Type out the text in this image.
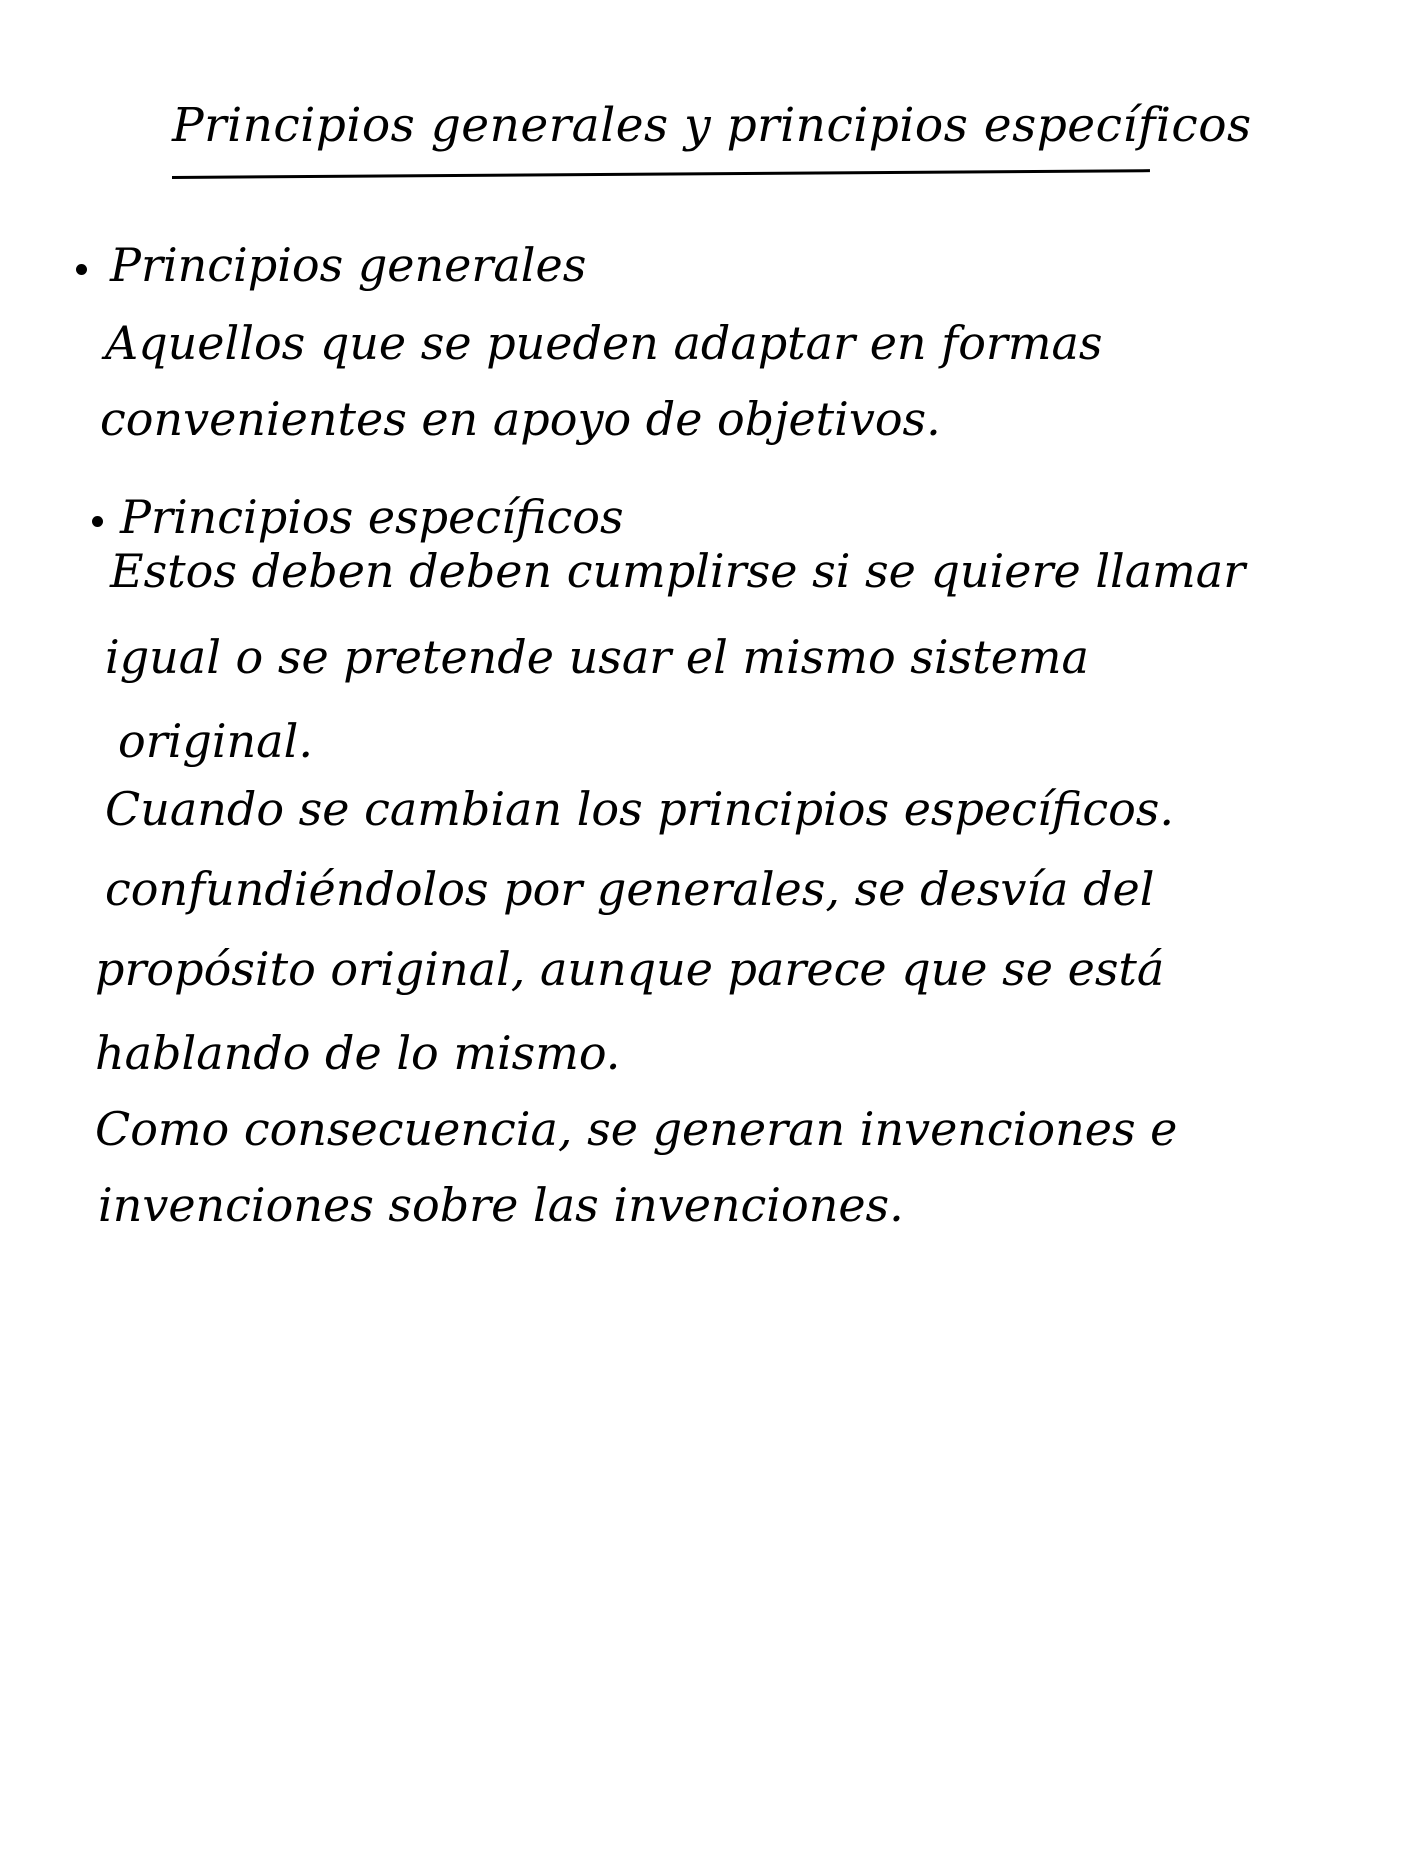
Principios generales y principios específicos
Principios generales
Aquellos que se pueden adaptar en formas
convenientes en apoyo de objetivos.
Principios específicos
Estos deben deben cumplirse si se quiere llamar
igual o se pretende usar el mismo sistema
original.
Cuando se cambian los principios específicos.
confundiéndolos por generales, se desvía del
propósito original, aunque parece que se está
hablando de lo mismo.
Como consecuencia, se generan invenciones e
invenciones sobre las invenciones.
